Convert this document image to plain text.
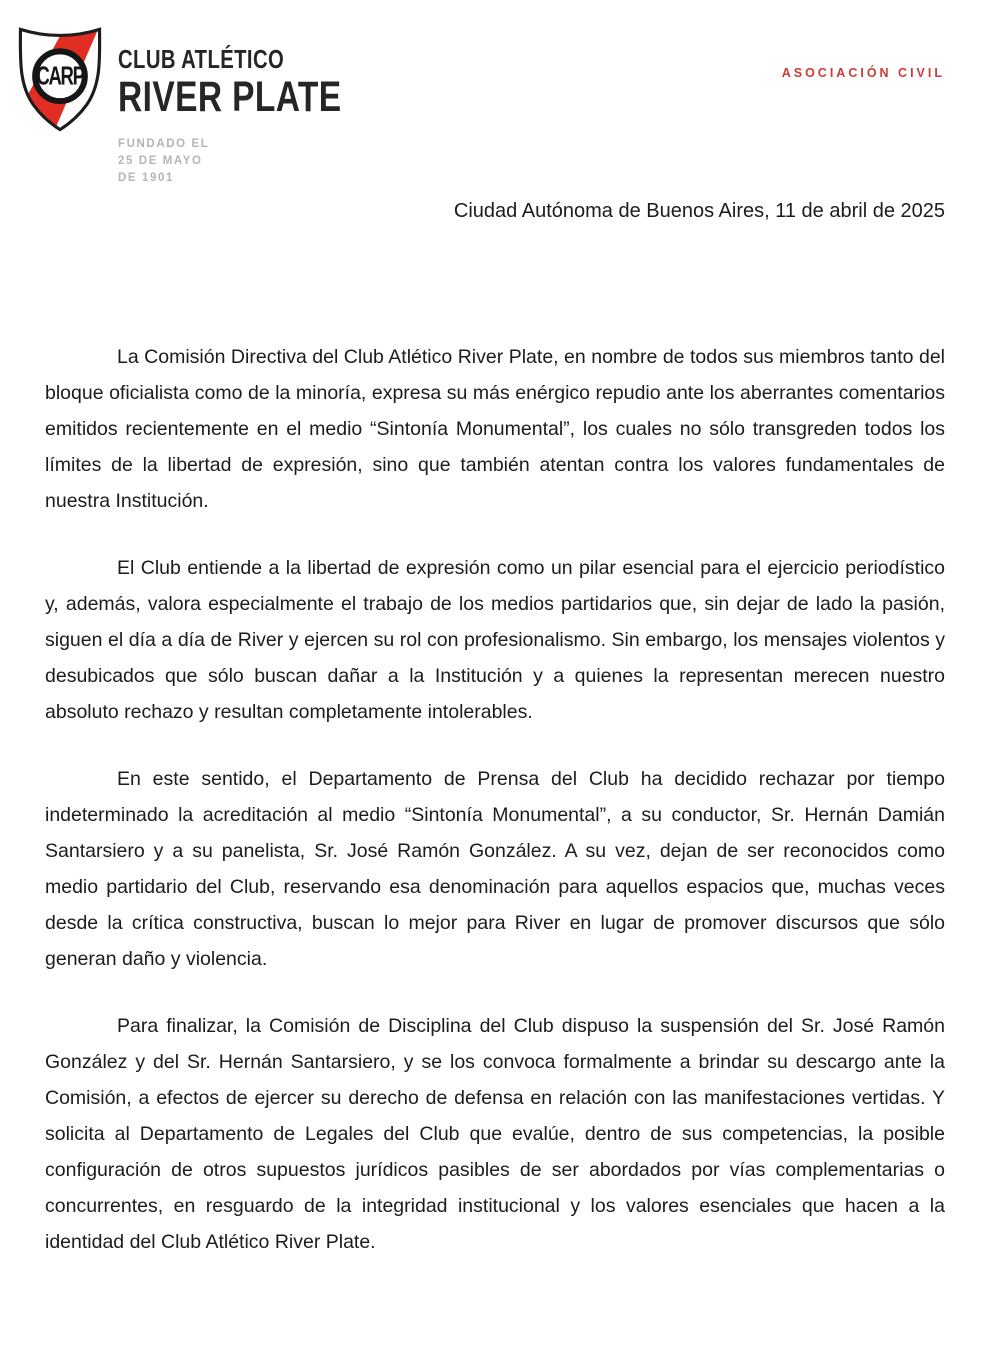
CARP
CLUB ATLÉTICO
RIVER PLATE
FUNDADO EL
25 DE MAYO
DE 1901
ASOCIACIÓN CIVIL
Ciudad Autónoma de Buenos Aires, 11 de abril de 2025

La Comisión Directiva del Club Atlético River Plate, en nombre de todos sus miembros tanto del bloque oficialista como de la minoría, expresa su más enérgico repudio ante los aberrantes comentarios emitidos recientemente en el medio “Sintonía Monumental”, los cuales no sólo transgreden todos los límites de la libertad de expresión, sino que también atentan contra los valores fundamentales de nuestra Institución.

El Club entiende a la libertad de expresión como un pilar esencial para el ejercicio periodístico y, además, valora especialmente el trabajo de los medios partidarios que, sin dejar de lado la pasión, siguen el día a día de River y ejercen su rol con profesionalismo. Sin embargo, los mensajes violentos y desubicados que sólo buscan dañar a la Institución y a quienes la representan merecen nuestro absoluto rechazo y resultan completamente intolerables.

En este sentido, el Departamento de Prensa del Club ha decidido rechazar por tiempo indeterminado la acreditación al medio “Sintonía Monumental”, a su conductor, Sr. Hernán Damián Santarsiero y a su panelista, Sr. José Ramón González. A su vez, dejan de ser reconocidos como medio partidario del Club, reservando esa denominación para aquellos espacios que, muchas veces desde la crítica constructiva, buscan lo mejor para River en lugar de promover discursos que sólo generan daño y violencia.

Para finalizar, la Comisión de Disciplina del Club dispuso la suspensión del Sr. José Ramón González y del Sr. Hernán Santarsiero, y se los convoca formalmente a brindar su descargo ante la Comisión, a efectos de ejercer su derecho de defensa en relación con las manifestaciones vertidas. Y solicita al Departamento de Legales del Club que evalúe, dentro de sus competencias, la posible configuración de otros supuestos jurídicos pasibles de ser abordados por vías complementarias o concurrentes, en resguardo de la integridad institucional y los valores esenciales que hacen a la identidad del Club Atlético River Plate.
